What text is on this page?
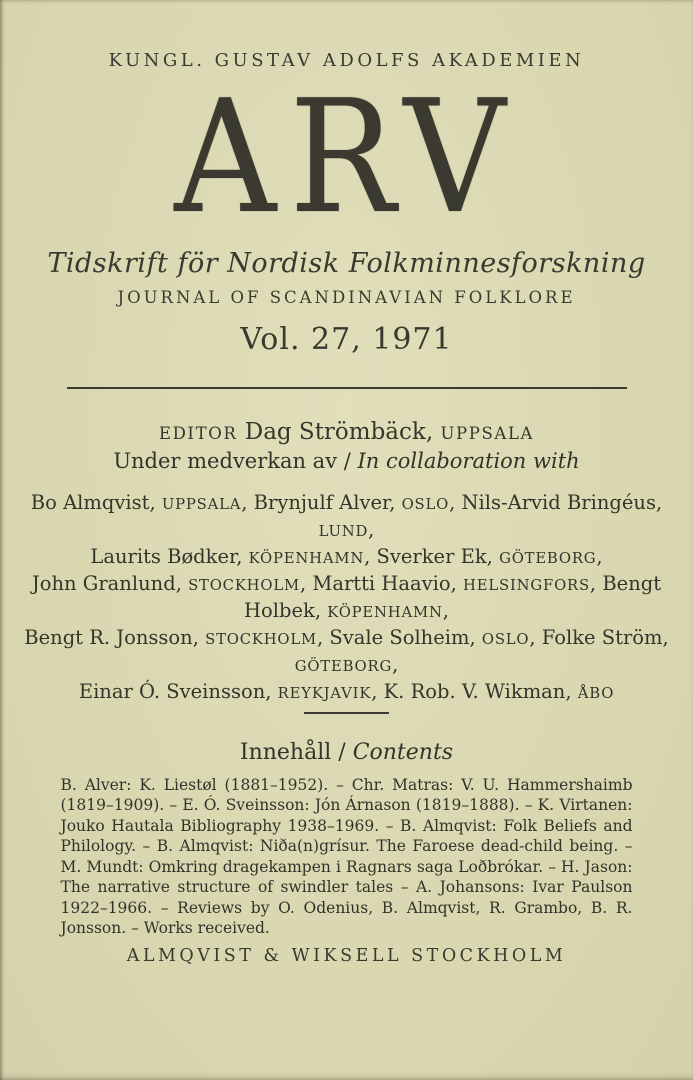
KUNGL. GUSTAV ADOLFS AKADEMIEN
ARV
Tidskrift för Nordisk Folkminnesforskning
JOURNAL OF SCANDINAVIAN FOLKLORE
Vol. 27, 1971
EDITOR Dag Strömbäck, UPPSALA
Under medverkan av / In collaboration with
Bo Almqvist, UPPSALA, Brynjulf Alver, OSLO, Nils-Arvid Bringéus, LUND,
Laurits Bødker, KÖPENHAMN, Sverker Ek, GÖTEBORG,
John Granlund, STOCKHOLM, Martti Haavio, HELSINGFORS, Bengt Holbek, KÖPENHAMN,
Bengt R. Jonsson, STOCKHOLM, Svale Solheim, OSLO, Folke Ström, GÖTEBORG,
Einar Ó. Sveinsson, REYKJAVIK, K. Rob. V. Wikman, ÅBO
Innehåll / Contents
B. Alver: K. Liestøl (1881–1952). – Chr. Matras: V. U. Hammershaimb (1819–1909). – E. Ó. Sveinsson: Jón Árnason (1819–1888). – K. Virtanen: Jouko Hautala Bibliography 1938–1969. – B. Almqvist: Folk Beliefs and Philology. – B. Almqvist: Niða(n)grísur. The Faroese dead-child being. – M. Mundt: Omkring dragekampen i Ragnars saga Loðbrókar. – H. Jason: The narrative structure of swindler tales – A. Johansons: Ivar Paulson 1922–1966. – Reviews by O. Odenius, B. Almqvist, R. Grambo, B. R. Jonsson. – Works received.
ALMQVIST & WIKSELL STOCKHOLM
